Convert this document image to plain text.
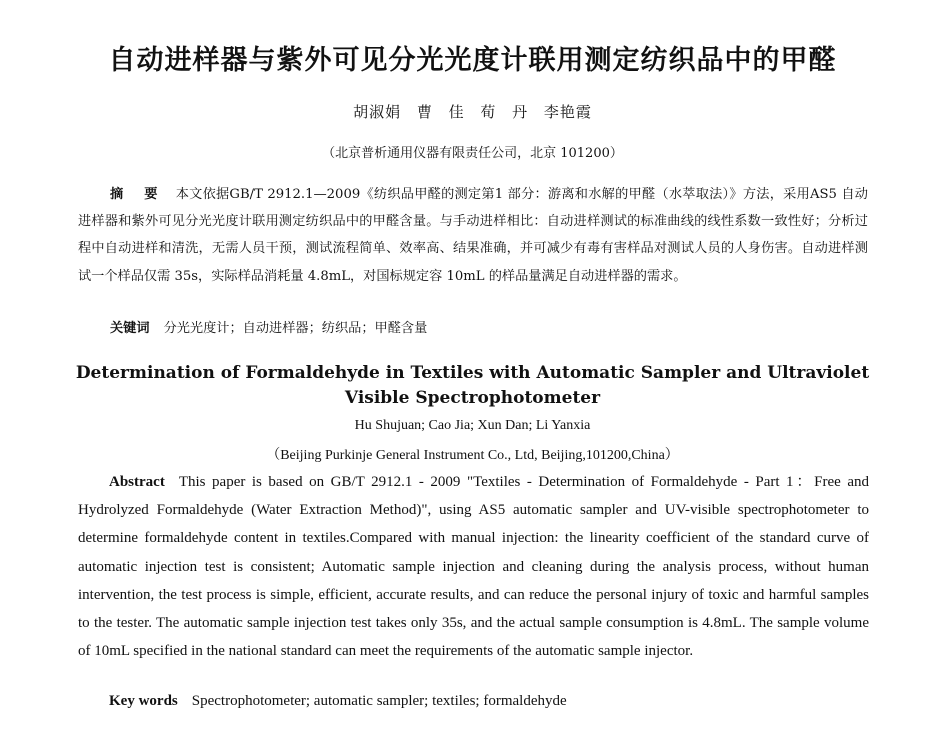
自动进样器与紫外可见分光光度计联用测定纺织品中的甲醛
胡淑娟 曹 佳 荀 丹 李艳霞
（北京普析通用仪器有限责任公司，北京 101200）

摘 要 本文依据GB/T 2912.1—2009《纺织品甲醛的测定第1 部分：游离和水解的甲醛（水萃取法）》方法，采用AS5 自动进样器和紫外可见分光光度计联用测定纺织品中的甲醛含量。与手动进样相比：自动进样测试的标准曲线的线性系数一致性好；分析过程中自动进样和清洗，无需人员干预，测试流程简单、效率高、结果准确，并可减少有毒有害样品对测试人员的人身伤害。自动进样测试一个样品仅需 35s，实际样品消耗量 4.8mL，对国标规定容 10mL 的样品量满足自动进样器的需求。

关键词 分光光度计；自动进样器；纺织品；甲醛含量
Determination of Formaldehyde in Textiles with Automatic Sampler and Ultraviolet Visible Spectrophotometer
Hu Shujuan; Cao Jia; Xun Dan; Li Yanxia
（Beijing Purkinje General Instrument Co., Ltd, Beijing,101200,China）

Abstract This paper is based on GB/T 2912.1 - 2009 "Textiles - Determination of Formaldehyde - Part 1：Free and Hydrolyzed Formaldehyde (Water Extraction Method)", using AS5 automatic sampler and UV-visible spectrophotometer to determine formaldehyde content in textiles.Compared with manual injection: the linearity coefficient of the standard curve of automatic injection test is consistent; Automatic sample injection and cleaning during the analysis process, without human intervention, the test process is simple, efficient, accurate results, and can reduce the personal injury of toxic and harmful samples to the tester. The automatic sample injection test takes only 35s, and the actual sample consumption is 4.8mL. The sample volume of 10mL specified in the national standard can meet the requirements of the automatic sample injector.

Key words Spectrophotometer; automatic sampler; textiles; formaldehyde
